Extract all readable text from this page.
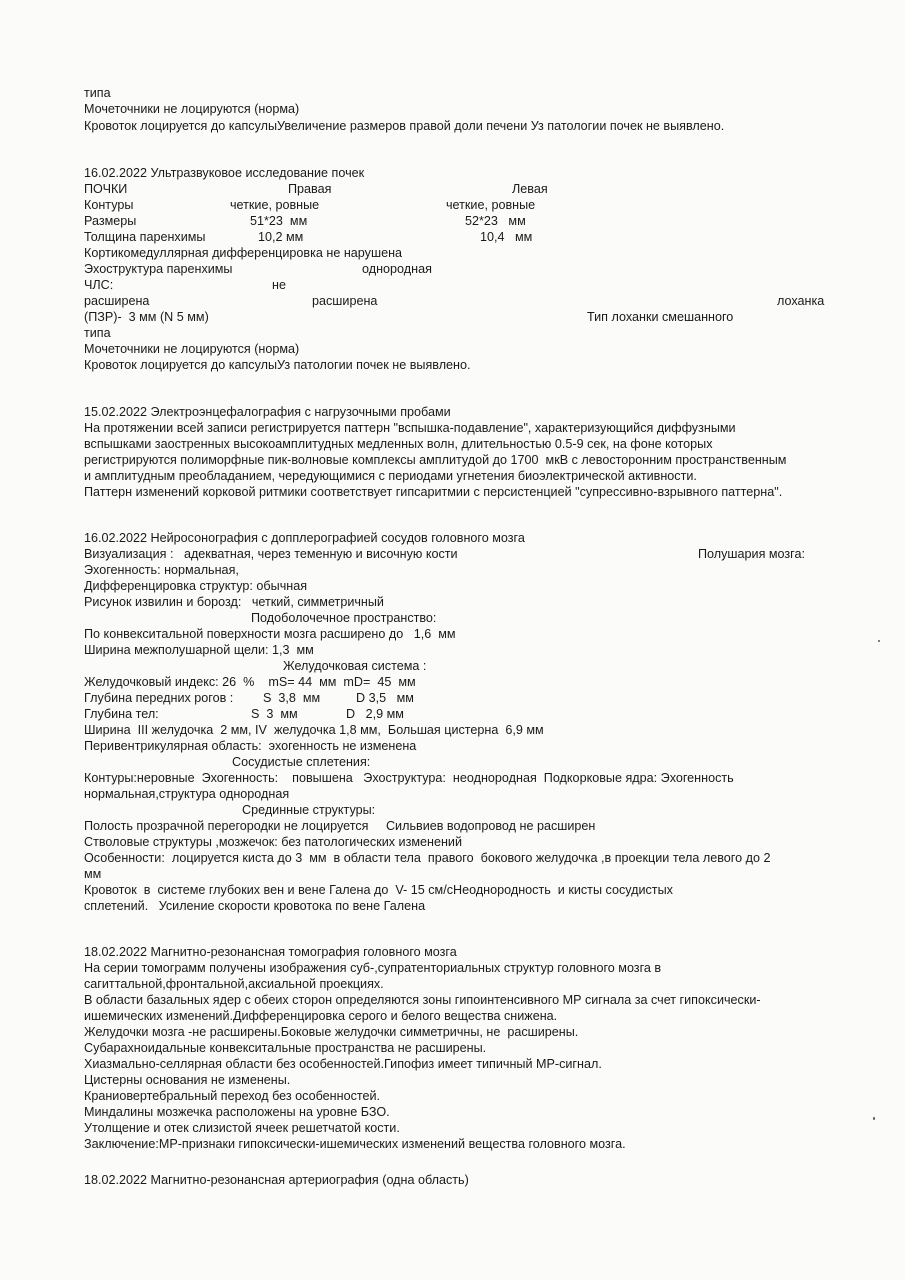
типа
Мочеточники не лоцируются (норма)
Кровоток лоцируется до капсулыУвеличение размеров правой доли печени Уз патологии почек не выявлено.
16.02.2022 Ультразвуковое исследование почек
ПОЧКИ	Правая	Левая
Контуры	четкие, ровные	четкие, ровные
Размеры	51*23  мм	52*23   мм
Толщина паренхимы	10,2 мм	10,4   мм
Кортикомедуллярная дифференцировка не нарушена
Эхоструктура паренхимы	однородная
ЧЛС:	не
расширена	расширена	лоханка
(ПЗР)-  3 мм (N 5 мм)	Тип лоханки смешанного
типа
Мочеточники не лоцируются (норма)
Кровоток лоцируется до капсулыУз патологии почек не выявлено.
15.02.2022 Электроэнцефалография с нагрузочными пробами
На протяжении всей записи регистрируется паттерн "вспышка-подавление", характеризующийся диффузными
вспышками заостренных высокоамплитудных медленных волн, длительностью 0.5-9 сек, на фоне которых
регистрируются полиморфные пик-волновые комплексы амплитудой до 1700  мкВ с левосторонним пространственным
и амплитудным преобладанием, чередующимися с периодами угнетения биоэлектрической активности.
Паттерн изменений корковой ритмики соответствует гипсаритмии с персистенцией "супрессивно-взрывного паттерна".
16.02.2022 Нейросонография с допплерографией сосудов головного мозга
Визуализация :   адекватная, через теменную и височную кости	Полушария мозга:
Эхогенность: нормальная,
Дифференцировка структур: обычная
Рисунок извилин и борозд:   четкий, симметричный
Подоболочечное пространство:
По конвекситальной поверхности мозга расширено до   1,6  мм
Ширина межполушарной щели: 1,3  мм
Желудочковая система :
Желудочковый индекс: 26  %    mS= 44  мм  mD=  45  мм
Глубина передних рогов : S  3,8  мм	D 3,5   мм
Глубина тел:	S  3  мм	D   2,9 мм
Ширина  III желудочка  2 мм, IV  желудочка 1,8 мм,  Большая цистерна  6,9 мм
Перивентрикулярная область:  эхогенность не изменена
Сосудистые сплетения:
Контуры:неровные  Эхогенность:    повышена   Эхоструктура:  неоднородная  Подкорковые ядра: Эхогенность
нормальная,структура однородная
Срединные структуры:
Полость прозрачной перегородки не лоцируется     Сильвиев водопровод не расширен
Стволовые структуры ,мозжечок: без патологических изменений
Особенности:  лоцируется киста до 3  мм  в области тела  правого  бокового желудочка ,в проекции тела левого до 2
мм
Кровоток  в  системе глубоких вен и вене Галена до  V- 15 см/сНеоднородность  и кисты сосудистых
сплетений.   Усиление скорости кровотока по вене Галена
18.02.2022 Магнитно-резонансная томография головного мозга
На серии томограмм получены изображения суб-,супратенториальных структур головного мозга в
сагиттальной,фронтальной,аксиальной проекциях.
В области базальных ядер с обеих сторон определяются зоны гипоинтенсивного МР сигнала за счет гипоксически-
ишемических изменений.Дифференцировка серого и белого вещества снижена.
Желудочки мозга -не расширены.Боковые желудочки симметричны, не  расширены.
Субарахноидальные конвекситальные пространства не расширены.
Хиазмально-селлярная области без особенностей.Гипофиз имеет типичный МР-сигнал.
Цистерны основания не изменены.
Краниовертебральный переход без особенностей.
Миндалины мозжечка расположены на уровне БЗО.
Утолщение и отек слизистой ячеек решетчатой кости.
Заключение:МР-признаки гипоксически-ишемических изменений вещества головного мозга.
18.02.2022 Магнитно-резонансная артериография (одна область)
